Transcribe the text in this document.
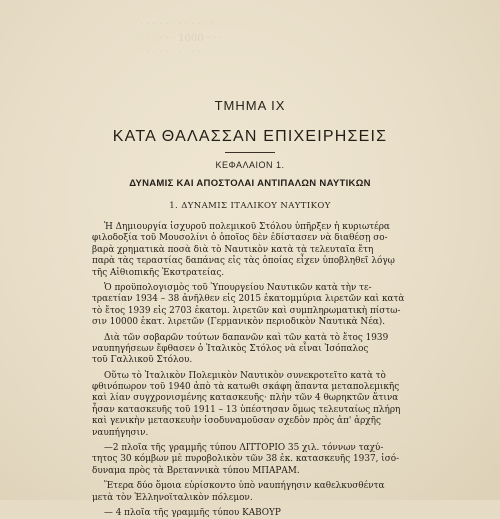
· · · · · · · · · · · ·
· · · · · · 1000 · · ·
· · · · · · · · · ·
ΤΜΗΜΑ IX
ΚΑΤΑ ΘΑΛΑΣΣΑΝ ΕΠΙΧΕΙΡΗΣΕΙΣ
ΚΕΦΑΛΑΙΟΝ 1.
ΔΥΝΑΜΙΣ ΚΑΙ ΑΠΟΣΤΟΛΑΙ ΑΝΤΙΠΑΛΩΝ ΝΑΥΤΙΚΩΝ
1. ΔΥΝΑΜΙΣ ΙΤΑΛΙΚΟΥ ΝΑΥΤΙΚΟΥ
Ἡ Δημιουργία ἰσχυροῦ πολεμικοῦ Στόλου ὑπῆρξεν ἡ κυριωτέρα
φιλοδοξία τοῦ Μουσολίνι ὁ ὁποῖος δὲν ἐδίστασεν νὰ διαθέσῃ σο-
βαρὰ χρηματικὰ ποσὰ διὰ τὸ Ναυτικὸν κατὰ τὰ τελευταῖα ἔτη
παρὰ τὰς τεραστίας δαπάνας εἰς τὰς ὁποίας εἶχεν ὑποβληθεῖ λόγῳ
τῆς Αἰθιοπικῆς Ἐκστρατείας.
Ὁ προϋπολογισμὸς τοῦ Ὑπουργείου Ναυτικῶν κατὰ τὴν τε-
τραετίαν 1934 – 38 ἀνῆλθεν εἰς 2015 ἑκατομμύρια λιρετῶν καὶ κατὰ
τὸ ἔτος 1939 εἰς 2703 ἑκατομ. λιρετῶν καὶ συμπληρωματικὴ πίστω-
σιν 10000 ἑκατ. λιρετῶν (Γερμανικὸν περιοδικὸν Ναυτικὰ Νέα).
Διὰ τῶν σοβαρῶν τούτων δαπανῶν καὶ τῶν κατὰ τὸ ἔτος 1939
ναυπηγήσεων ἔφθασεν ὁ Ἰταλικὸς Στόλος νὰ εἶναι Ἰσόπαλος
τοῦ Γαλλικοῦ Στόλου.
Οὕτω τὸ Ἰταλικὸν Πολεμικὸν Ναυτικὸν συνεκροτεῖτο κατὰ τὸ
φθινόπωρον τοῦ 1940 ἀπὸ τὰ κατωθι σκάφη ἅπαντα μεταπολεμικῆς
καὶ λίαν συγχρονισμένης κατασκευῆς· πλὴν τῶν 4 θωρηκτῶν ἅτινα
ἦσαν κατασκευῆς τοῦ 1911 – 13 ὑπέστησαν ὅμως τελευταίως πλήρη
καὶ γενικὴν μετασκευὴν ἰσοδυναμοῦσαν σχεδὸν πρὸς ἀπ' ἀρχῆς
ναυπήγησιν.
—2 πλοῖα τῆς γραμμῆς τύπου ΛΙΤΤΟΡΙΟ 35 χιλ. τόννων ταχύ-
τητος 30 κόμβων μὲ πυροβολικὸν τῶν 38 ἑκ. κατασκευῆς 1937, ἰσό-
δυναμα πρὸς τὰ Βρεταννικὰ τύπου ΜΠΑΡΑΜ.
Ἕτερα δύο ὅμοια εὑρίσκοντο ὑπὸ ναυπήγησιν καθελκυσθέντα
μετὰ τὸν Ἑλληνοϊταλικὸν πόλεμον.
— 4 πλοῖα τῆς γραμμῆς τύπου ΚΑΒΟΥΡ
